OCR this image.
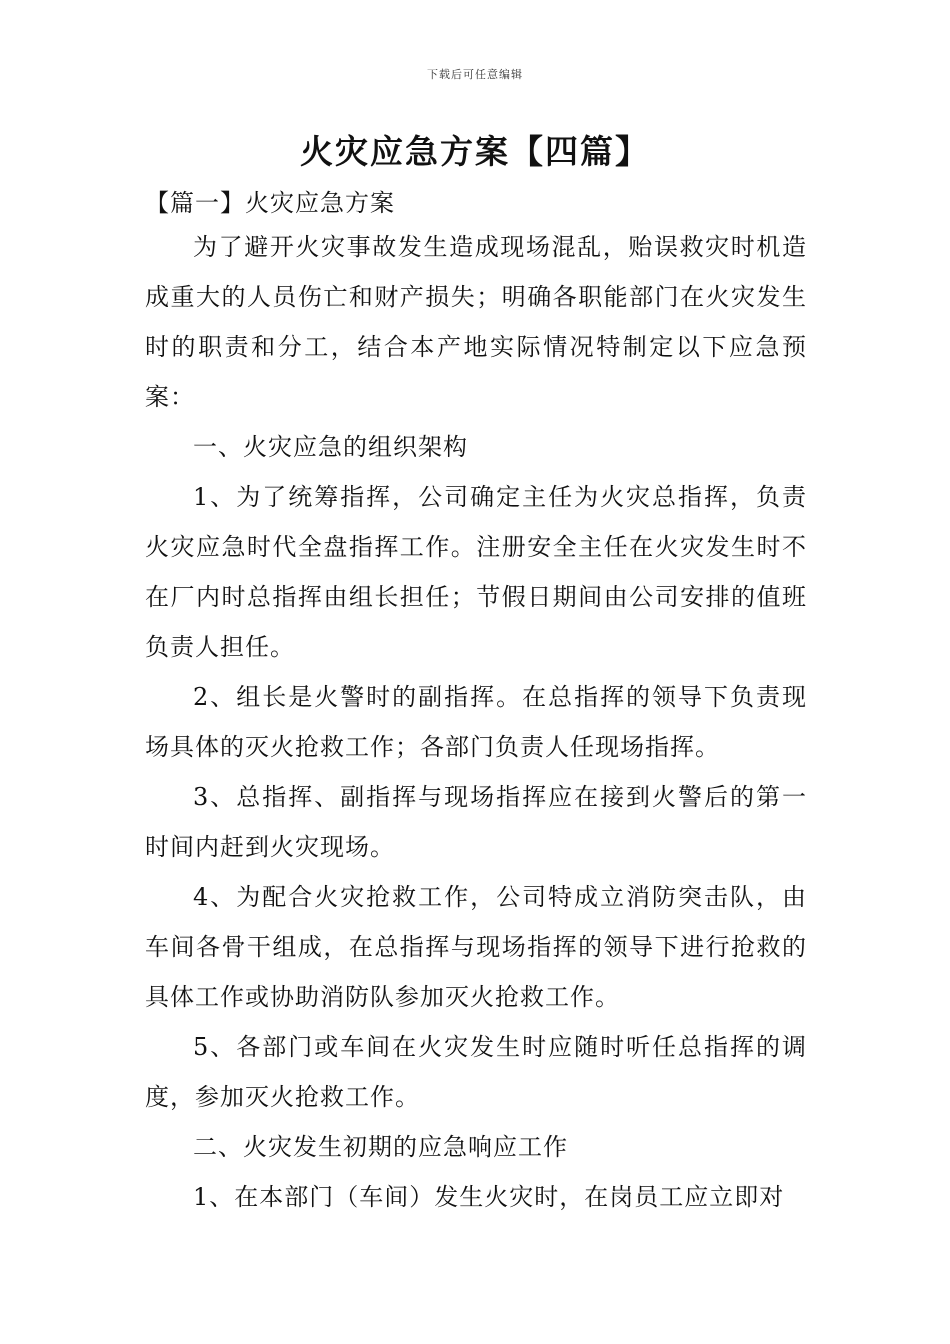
下载后可任意编辑
火灾应急方案【四篇】
【篇一】火灾应急方案

为了避开火灾事故发生造成现场混乱，贻误救灾时机造成重大的人员伤亡和财产损失；明确各职能部门在火灾发生时的职责和分工，结合本产地实际情况特制定以下应急预案：

一、火灾应急的组织架构

1、为了统筹指挥，公司确定主任为火灾总指挥，负责火灾应急时代全盘指挥工作。注册安全主任在火灾发生时不在厂内时总指挥由组长担任；节假日期间由公司安排的值班负责人担任。

2、组长是火警时的副指挥。在总指挥的领导下负责现场具体的灭火抢救工作；各部门负责人任现场指挥。

3、总指挥、副指挥与现场指挥应在接到火警后的第一时间内赶到火灾现场。

4、为配合火灾抢救工作，公司特成立消防突击队，由车间各骨干组成，在总指挥与现场指挥的领导下进行抢救的具体工作或协助消防队参加灭火抢救工作。

5、各部门或车间在火灾发生时应随时听任总指挥的调度，参加灭火抢救工作。

二、火灾发生初期的应急响应工作

1、在本部门（车间）发生火灾时，在岗员工应立即对
